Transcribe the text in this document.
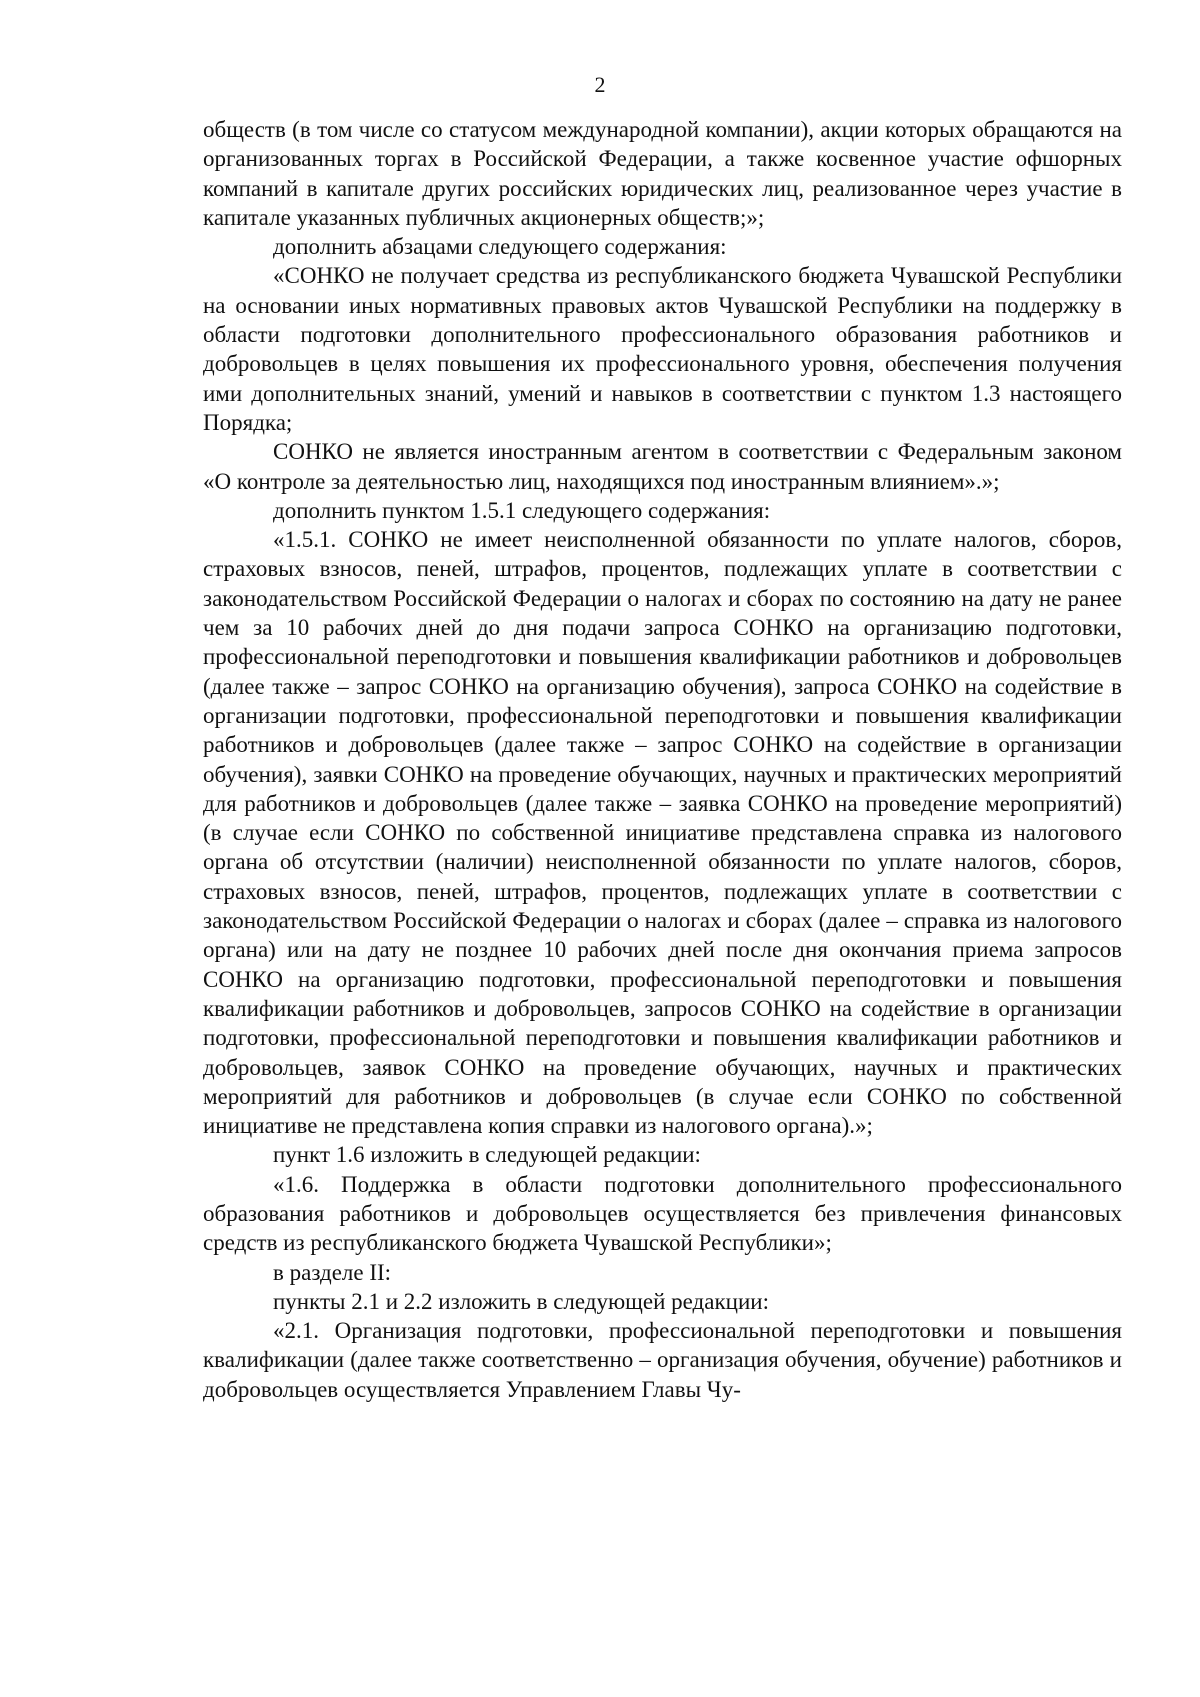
2

обществ (в том числе со статусом международной компании), акции которых обращаются на организованных торгах в Российской Федерации, а также косвенное участие офшорных компаний в капитале других российских юридических лиц, реализованное через участие в капитале указанных публичных акционерных обществ;»;

дополнить абзацами следующего содержания:

«СОНКО не получает средства из республиканского бюджета Чувашской Республики на основании иных нормативных правовых актов Чувашской Республики на поддержку в области подготовки дополнительного профессионального образования работников и добровольцев в целях повышения их профессионального уровня, обеспечения получения ими дополнительных знаний, умений и навыков в соответствии с пунктом 1.3 настоящего Порядка;

СОНКО не является иностранным агентом в соответствии с Федеральным законом «О контроле за деятельностью лиц, находящихся под иностранным влиянием».»;

дополнить пунктом 1.5.1 следующего содержания:

«1.5.1. СОНКО не имеет неисполненной обязанности по уплате налогов, сборов, страховых взносов, пеней, штрафов, процентов, подлежащих уплате в соответствии с законодательством Российской Федерации о налогах и сборах по состоянию на дату не ранее чем за 10 рабочих дней до дня подачи запроса СОНКО на организацию подготовки, профессиональной переподготовки и повышения квалификации работников и добровольцев (далее также – запрос СОНКО на организацию обучения), запроса СОНКО на содействие в организации подготовки, профессиональной переподготовки и повышения квалификации работников и добровольцев (далее также – запрос СОНКО на содействие в организации обучения), заявки СОНКО на проведение обучающих, научных и практических мероприятий для работников и добровольцев (далее также – заявка СОНКО на проведение мероприятий) (в случае если СОНКО по собственной инициативе представлена справка из налогового органа об отсутствии (наличии) неисполненной обязанности по уплате налогов, сборов, страховых взносов, пеней, штрафов, процентов, подлежащих уплате в соответствии с законодательством Российской Федерации о налогах и сборах (далее – справка из налогового органа) или на дату не позднее 10 рабочих дней после дня окончания приема запросов СОНКО на организацию подготовки, профессиональной переподготовки и повышения квалификации работников и добровольцев, запросов СОНКО на содействие в организации подготовки, профессиональной переподготовки и повышения квалификации работников и добровольцев, заявок СОНКО на проведение обучающих, научных и практических мероприятий для работников и добровольцев (в случае если СОНКО по собственной инициативе не представлена копия справки из налогового органа).»;

пункт 1.6 изложить в следующей редакции:

«1.6. Поддержка в области подготовки дополнительного профессионального образования работников и добровольцев осуществляется без привлечения финансовых средств из республиканского бюджета Чувашской Республики»;

в разделе II:

пункты 2.1 и 2.2 изложить в следующей редакции:

«2.1. Организация подготовки, профессиональной переподготовки и повышения квалификации (далее также соответственно – организация обучения, обучение) работников и добровольцев осуществляется Управлением Главы Чу-
